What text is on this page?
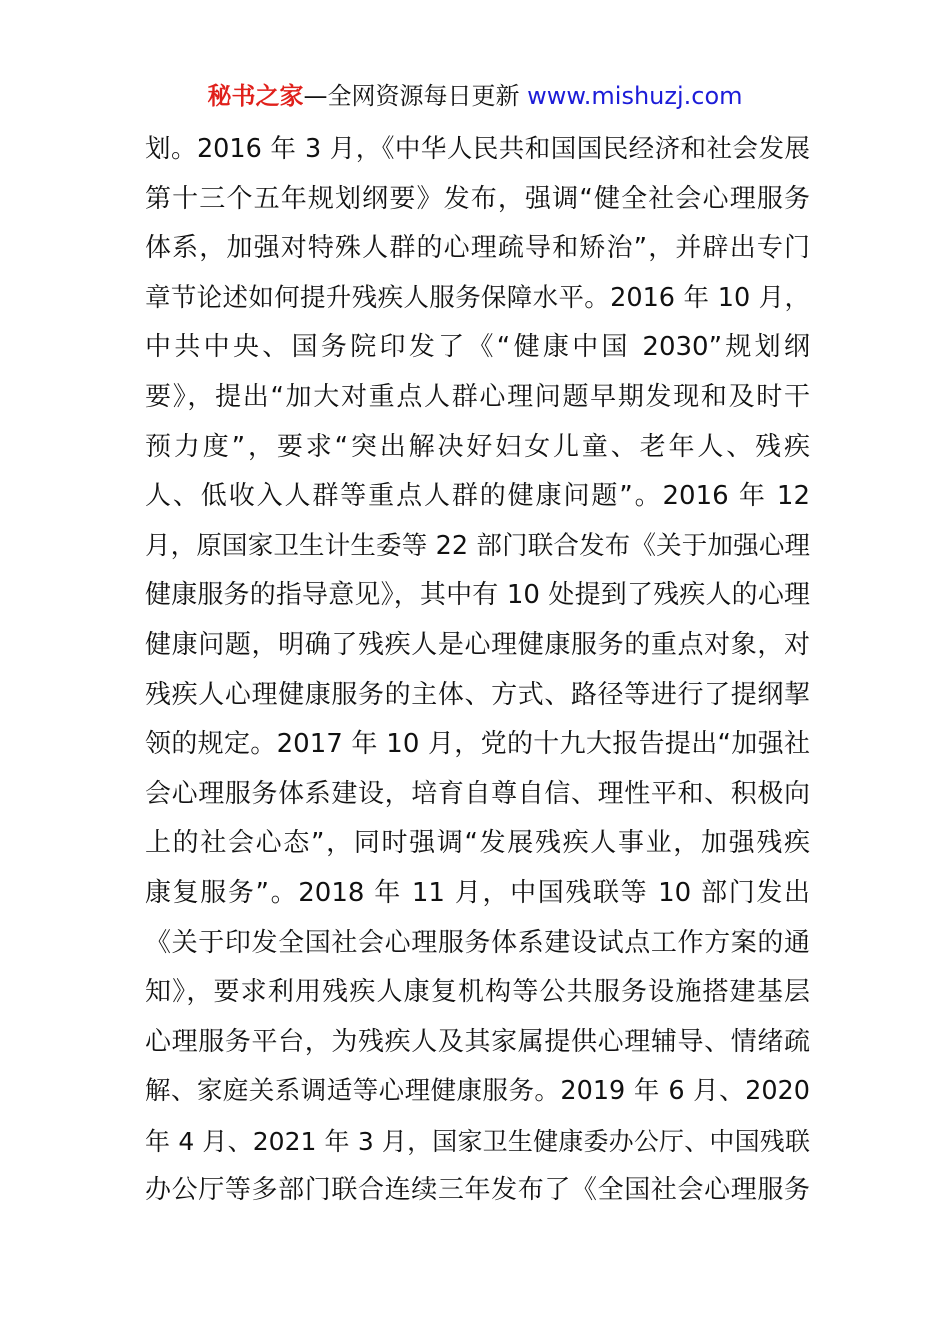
秘书之家—全网资源每日更新 www.mishuzj.com
划。2016 年 3 月，《中华人民共和国国民经济和社会发展
第十三个五年规划纲要》发布，强调“健全社会心理服务
体系，加强对特殊人群的心理疏导和矫治”，并辟出专门
章节论述如何提升残疾人服务保障水平。2016 年 10 月，
中共中央、国务院印发了《“健康中国 2030”规划纲
要》，提出“加大对重点人群心理问题早期发现和及时干
预力度”，要求“突出解决好妇女儿童、老年人、残疾
人、低收入人群等重点人群的健康问题”。2016 年 12
月，原国家卫生计生委等 22 部门联合发布《关于加强心理
健康服务的指导意见》，其中有 10 处提到了残疾人的心理
健康问题，明确了残疾人是心理健康服务的重点对象，对
残疾人心理健康服务的主体、方式、路径等进行了提纲挈
领的规定。2017 年 10 月，党的十九大报告提出“加强社
会心理服务体系建设，培育自尊自信、理性平和、积极向
上的社会心态”，同时强调“发展残疾人事业，加强残疾
康复服务”。2018 年 11 月，中国残联等 10 部门发出
《关于印发全国社会心理服务体系建设试点工作方案的通
知》，要求利用残疾人康复机构等公共服务设施搭建基层
心理服务平台，为残疾人及其家属提供心理辅导、情绪疏
解、家庭关系调适等心理健康服务。2019 年 6 月、2020
年 4 月、2021 年 3 月，国家卫生健康委办公厅、中国残联
办公厅等多部门联合连续三年发布了《全国社会心理服务
